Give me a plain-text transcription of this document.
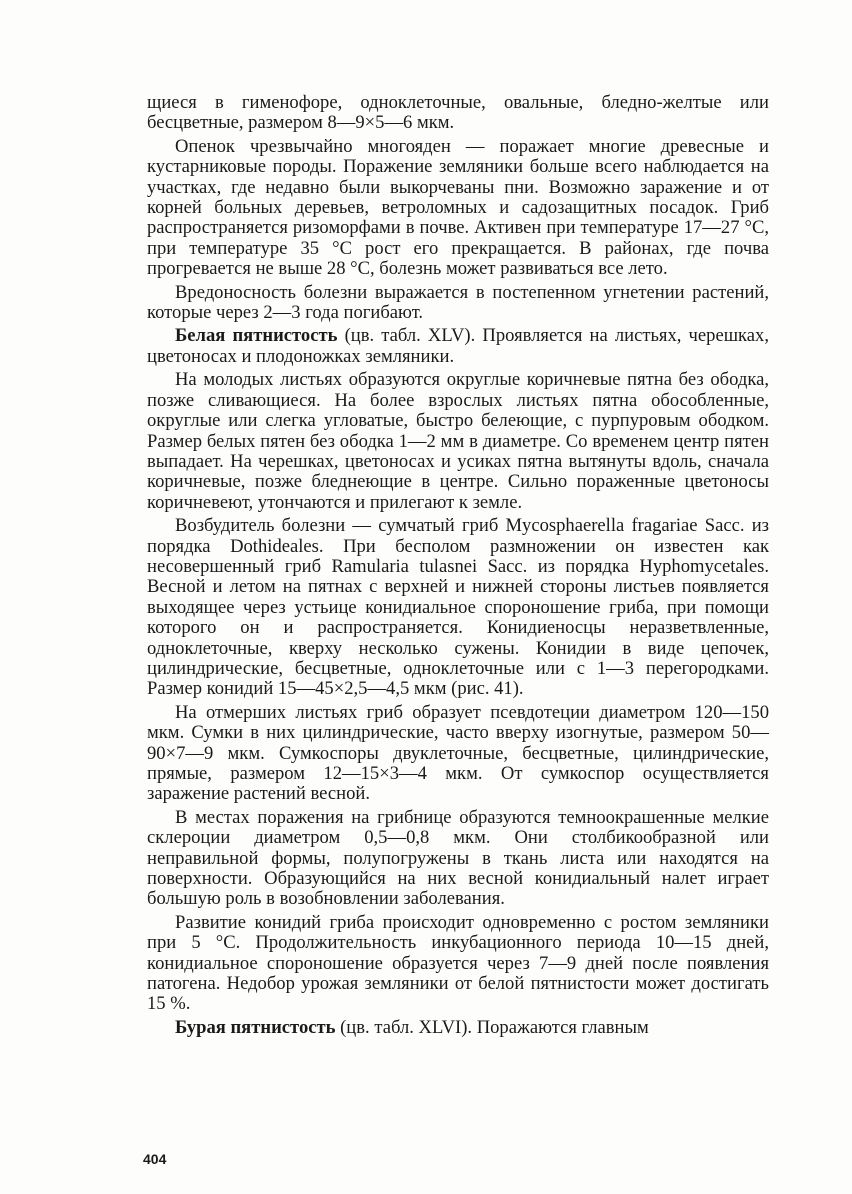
щиеся в гименофоре, одноклеточные, овальные, бледно-желтые или бесцветные, размером 8—9×5—6 мкм.

Опенок чрезвычайно многояден — поражает многие древесные и кустарниковые породы. Поражение земляники больше всего наблюдается на участках, где недавно были выкорчеваны пни. Возможно заражение и от корней больных деревьев, ветроломных и садозащитных посадок. Гриб распространяется ризоморфами в почве. Активен при температуре 17—27 °С, при температуре 35 °С рост его прекращается. В районах, где почва прогревается не выше 28 °С, болезнь может развиваться все лето.

Вредоносность болезни выражается в постепенном угнетении растений, которые через 2—3 года погибают.

Белая пятнистость (цв. табл. XLV). Проявляется на листьях, черешках, цветоносах и плодоножках земляники.

На молодых листьях образуются округлые коричневые пятна без ободка, позже сливающиеся. На более взрослых листьях пятна обособленные, округлые или слегка угловатые, быстро белеющие, с пурпуровым ободком. Размер белых пятен без ободка 1—2 мм в диаметре. Со временем центр пятен выпадает. На черешках, цветоносах и усиках пятна вытянуты вдоль, сначала коричневые, позже бледнеющие в центре. Сильно пораженные цветоносы коричневеют, утончаются и прилегают к земле.

Возбудитель болезни — сумчатый гриб Mycosphaerella fragariae Sacc. из порядка Dothideales. При бесполом размножении он известен как несовершенный гриб Ramularia tulasnei Sacc. из порядка Hyphomycetales. Весной и летом на пятнах с верхней и нижней стороны листьев появляется выходящее через устьице конидиальное спороношение гриба, при помощи которого он и распространяется. Конидиеносцы неразветвленные, одноклеточные, кверху несколько сужены. Конидии в виде цепочек, цилиндрические, бесцветные, одноклеточные или с 1—3 перегородками. Размер конидий 15—45×2,5—4,5 мкм (рис. 41).

На отмерших листьях гриб образует псевдотеции диаметром 120—150 мкм. Сумки в них цилиндрические, часто вверху изогнутые, размером 50—90×7—9 мкм. Сумкоспоры двуклеточные, бесцветные, цилиндрические, прямые, размером 12—15×3—4 мкм. От сумкоспор осуществляется заражение растений весной.

В местах поражения на грибнице образуются темноокрашенные мелкие склероции диаметром 0,5—0,8 мкм. Они столбикообразной или неправильной формы, полупогружены в ткань листа или находятся на поверхности. Образующийся на них весной конидиальный налет играет большую роль в возобновлении заболевания.

Развитие конидий гриба происходит одновременно с ростом земляники при 5 °С. Продолжительность инкубационного периода 10—15 дней, конидиальное спороношение образуется через 7—9 дней после появления патогена. Недобор урожая земляники от белой пятнистости может достигать 15 %.

Бурая пятнистость (цв. табл. XLVI). Поражаются главным

404
